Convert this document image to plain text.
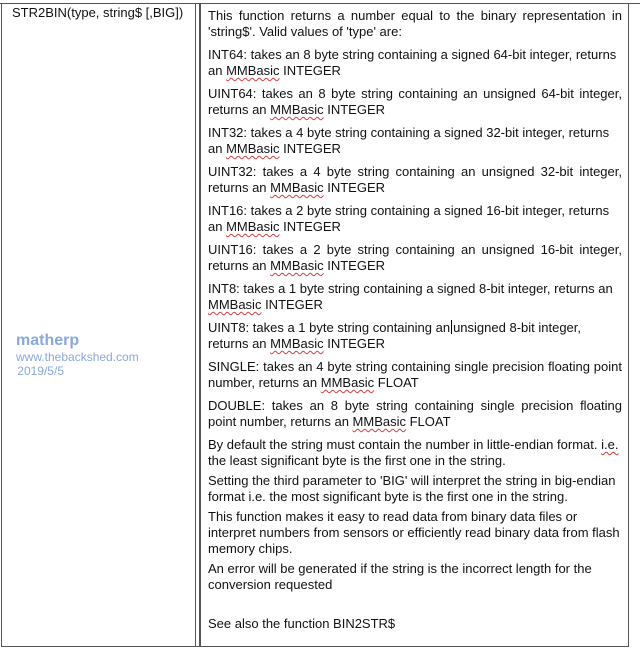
STR2BIN(type, string$ [,BIG])
matherp
www.thebackshed.com
2019/5/5

This function returns a number equal to the binary representation in 'string$'. Valid values of 'type' are:

INT64: takes an 8 byte string containing a signed 64-bit integer, returns an MMBasic INTEGER

UINT64: takes an 8 byte string containing an unsigned 64-bit integer, returns an MMBasic INTEGER

INT32: takes a 4 byte string containing a signed 32-bit integer, returns an MMBasic INTEGER

UINT32: takes a 4 byte string containing an unsigned 32-bit integer, returns an MMBasic INTEGER

INT16: takes a 2 byte string containing a signed 16-bit integer, returns an MMBasic INTEGER

UINT16: takes a 2 byte string containing an unsigned 16-bit integer, returns an MMBasic INTEGER

INT8: takes a 1 byte string containing a signed 8-bit integer, returns an MMBasic INTEGER

UINT8: takes a 1 byte string containing an unsigned 8-bit integer, returns an MMBasic INTEGER

SINGLE: takes an 4 byte string containing single precision floating point number, returns an MMBasic FLOAT

DOUBLE: takes an 8 byte string containing single precision floating point number, returns an MMBasic FLOAT

By default the string must contain the number in little-endian format. i.e. the least significant byte is the first one in the string.

Setting the third parameter to 'BIG' will interpret the string in big-endian format i.e. the most significant byte is the first one in the string.

This function makes it easy to read data from binary data files or interpret numbers from sensors or efficiently read binary data from flash memory chips.

An error will be generated if the string is the incorrect length for the conversion requested

See also the function BIN2STR$
